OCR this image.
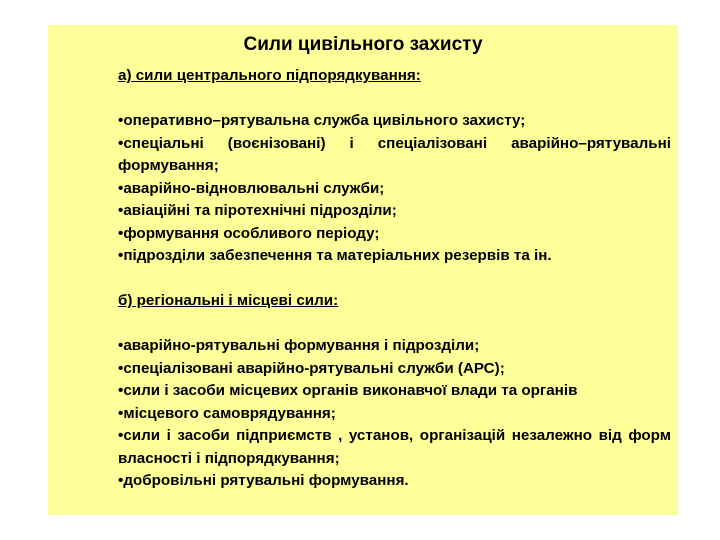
Сили цивільного захисту

а) сили центрального підпорядкування:

•оперативно–рятувальна служба цивільного захисту;
•спеціальні (воєнізовані) і спеціалізовані аварійно–рятувальні формування;
•аварійно-відновлювальні служби;
•авіаційні та піротехнічні підрозділи;
•формування особливого періоду;
•підрозділи забезпечення та матеріальних резервів та ін.

б) регіональні і місцеві сили:

•аварійно-рятувальні формування і підрозділи;
•спеціалізовані аварійно-рятувальні служби (АРС);
•сили і засоби місцевих органів виконавчої влади та органів
•місцевого самоврядування;
•сили і засоби підприємств , установ, організацій незалежно від форм власності і підпорядкування;
•добровільні рятувальні формування.
